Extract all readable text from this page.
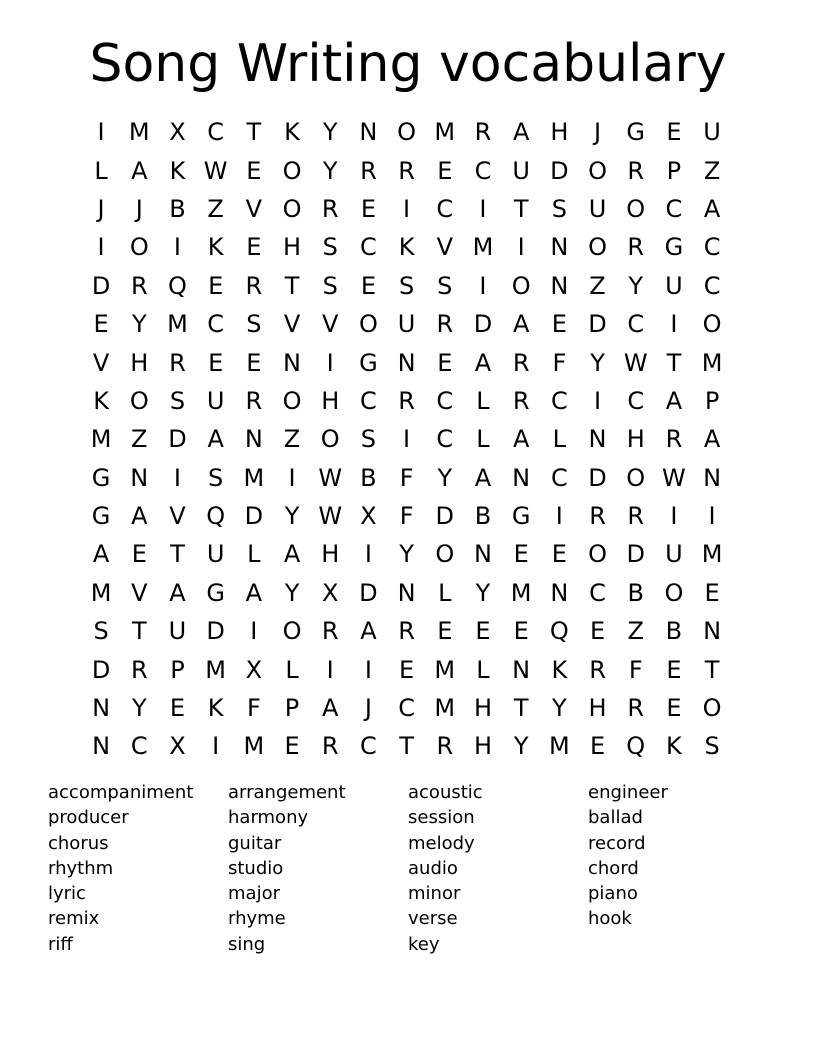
Song Writing vocabulary
I	M X C T K Y N O M R A H	J	G E U
L A K W E O Y R R E C U D O R P Z
J	J	B Z V O R E	I	C	I	T S U O C A
I	O	I	K E H S C K V M	I	N O R G C
D R Q E R T S E S S	I	O N Z Y U C
E Y M C S V V O U R D A E D C	I	O
V H R E E N	I	G N E A R F Y W T M
K O S U R O H C R C L R C	I	C A P
M Z D A N Z O S	I	C L A L N H R A
G N	I	S M	I W B F Y A N C D O W N
G A V Q D Y W X F D B G	I	R R	I	I
A E T U L A H	I	Y O N E E O D U M
M V A G A Y X D N L	Y M N C B O E
S T U D	I	O R A R E E E Q E Z B N
D R P M X L	I	I	E M L N K R F E T
N Y E K F	P A	J	C M H T Y H R E O
N C X	I	M E R C T R H Y M E Q K S
accompaniment
producer
chorus
rhythm
lyric
remix
riff
arrangement
harmony
guitar
studio
major
rhyme
sing
acoustic
session
melody
audio
minor
verse
key
engineer
ballad
record
chord
piano
hook
